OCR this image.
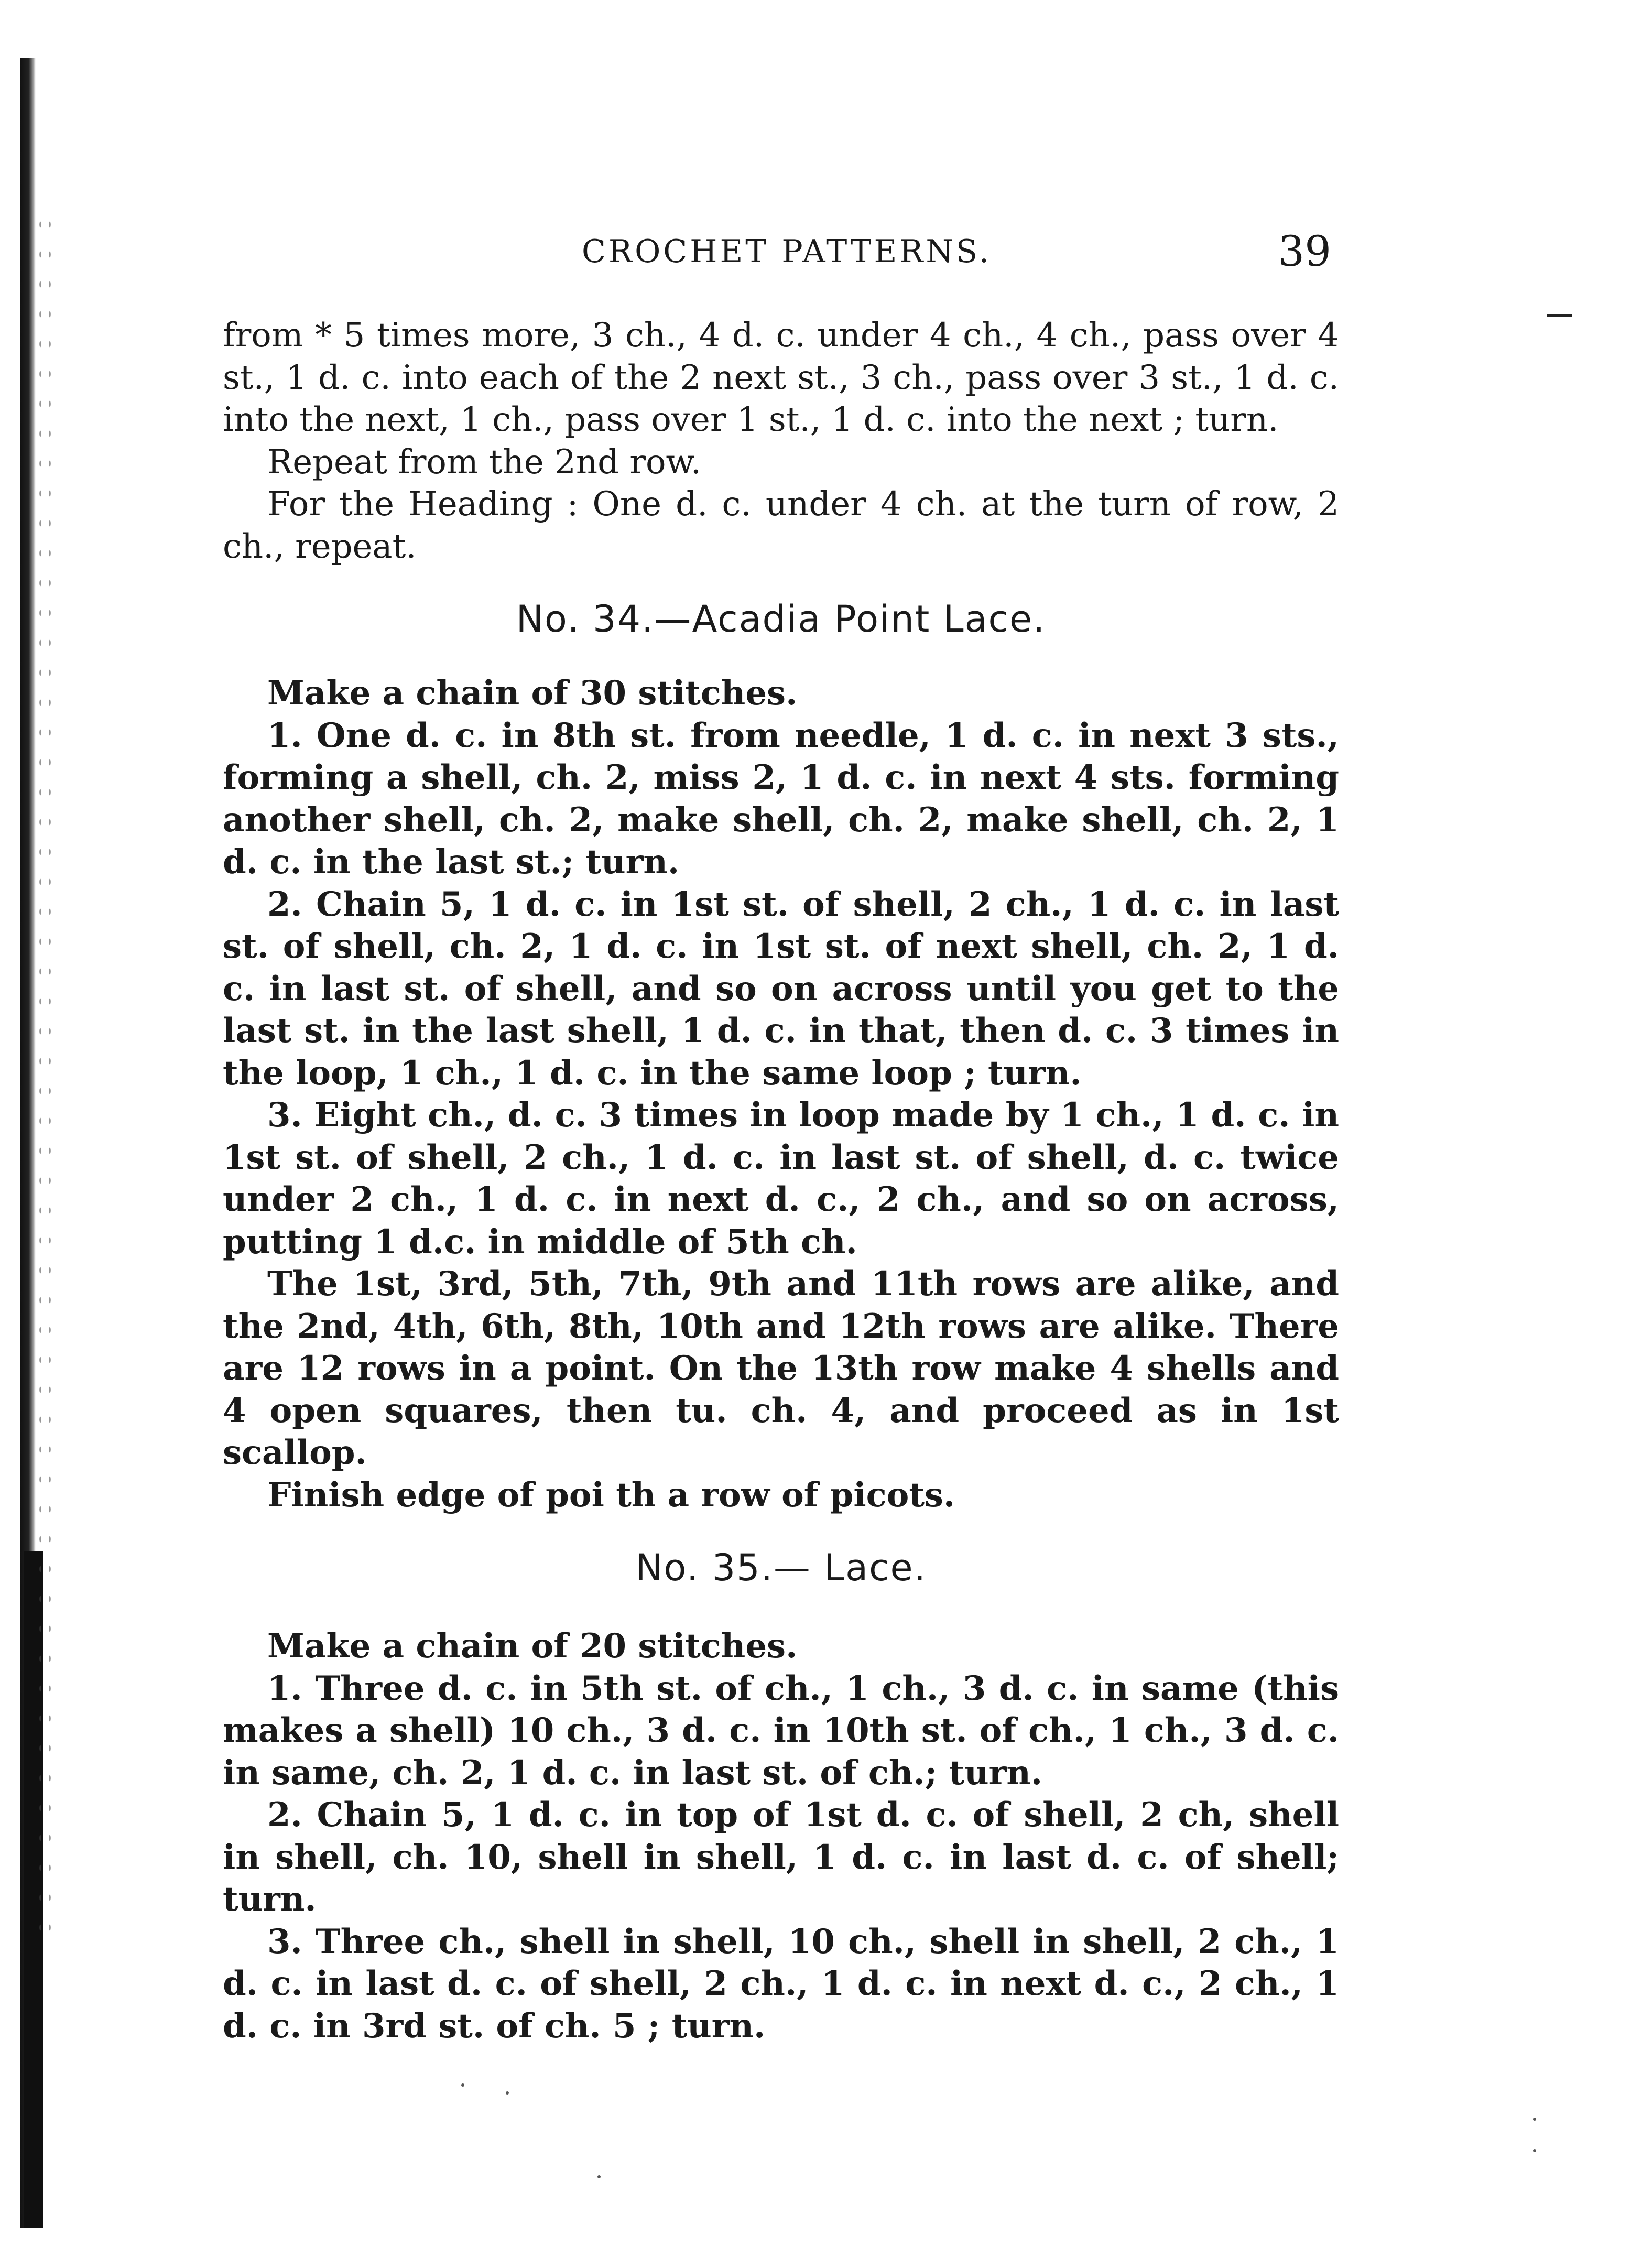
CROCHET PATTERNS.	39

from * 5 times more, 3 ch., 4 d. c. under 4 ch., 4 ch., pass over 4 st., 1 d. c. into each of the 2 next st., 3 ch., pass over 3 st., 1 d. c. into the next, 1 ch., pass over 1 st., 1 d. c. into the next ; turn.

Repeat from the 2nd row.

For the Heading : One d. c. under 4 ch. at the turn of row, 2 ch., repeat.

No. 34.—Acadia Point Lace.

Make a chain of 30 stitches.

1. One d. c. in 8th st. from needle, 1 d. c. in next 3 sts., forming a shell, ch. 2, miss 2, 1 d. c. in next 4 sts. forming another shell, ch. 2, make shell, ch. 2, make shell, ch. 2, 1 d. c. in the last st.; turn.

2. Chain 5, 1 d. c. in 1st st. of shell, 2 ch., 1 d. c. in last st. of shell, ch. 2, 1 d. c. in 1st st. of next shell, ch. 2, 1 d. c. in last st. of shell, and so on across until you get to the last st. in the last shell, 1 d. c. in that, then d. c. 3 times in the loop, 1 ch., 1 d. c. in the same loop ; turn.

3. Eight ch., d. c. 3 times in loop made by 1 ch., 1 d. c. in 1st st. of shell, 2 ch., 1 d. c. in last st. of shell, d. c. twice under 2 ch., 1 d. c. in next d. c., 2 ch., and so on across, putting 1 d.c. in middle of 5th ch.

The 1st, 3rd, 5th, 7th, 9th and 11th rows are alike, and the 2nd, 4th, 6th, 8th, 10th and 12th rows are alike. There are 12 rows in a point. On the 13th row make 4 shells and 4 open squares, then tu. ch. 4, and proceed as in 1st scallop.

Finish edge of poi th a row of picots.

No. 35.— Lace.

Make a chain of 20 stitches.

1. Three d. c. in 5th st. of ch., 1 ch., 3 d. c. in same (this makes a shell) 10 ch., 3 d. c. in 10th st. of ch., 1 ch., 3 d. c. in same, ch. 2, 1 d. c. in last st. of ch.; turn.

2. Chain 5, 1 d. c. in top of 1st d. c. of shell, 2 ch, shell in shell, ch. 10, shell in shell, 1 d. c. in last d. c. of shell; turn.

3. Three ch., shell in shell, 10 ch., shell in shell, 2 ch., 1 d. c. in last d. c. of shell, 2 ch., 1 d. c. in next d. c., 2 ch., 1 d. c. in 3rd st. of ch. 5 ; turn.
